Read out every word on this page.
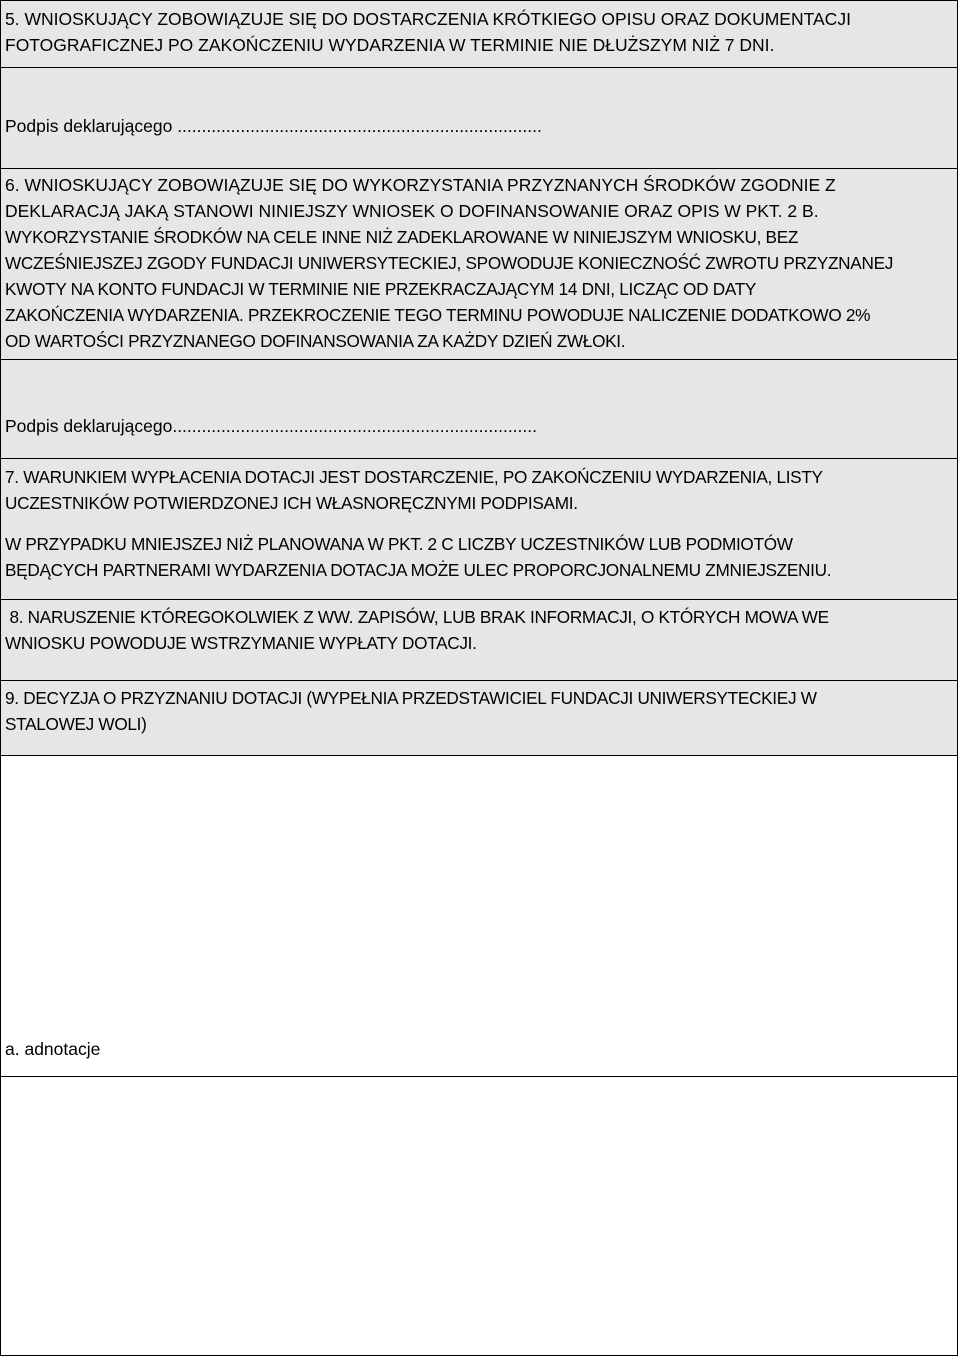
5. WNIOSKUJĄCY ZOBOWIĄZUJE SIĘ DO DOSTARCZENIA KRÓTKIEGO OPISU ORAZ DOKUMENTACJI
FOTOGRAFICZNEJ PO ZAKOŃCZENIU WYDARZENIA W TERMINIE NIE DŁUŻSZYM NIŻ 7 DNI.
Podpis deklarującego ...........................................................................
6. WNIOSKUJĄCY ZOBOWIĄZUJE SIĘ DO WYKORZYSTANIA PRZYZNANYCH ŚRODKÓW ZGODNIE Z
DEKLARACJĄ JAKĄ STANOWI NINIEJSZY WNIOSEK O DOFINANSOWANIE ORAZ OPIS W PKT. 2 B.
WYKORZYSTANIE ŚRODKÓW NA CELE INNE NIŻ ZADEKLAROWANE W NINIEJSZYM WNIOSKU, BEZ
WCZEŚNIEJSZEJ ZGODY FUNDACJI UNIWERSYTECKIEJ, SPOWODUJE KONIECZNOŚĆ ZWROTU PRZYZNANEJ
KWOTY NA KONTO FUNDACJI W TERMINIE NIE PRZEKRACZAJĄCYM 14 DNI, LICZĄC OD DATY
ZAKOŃCZENIA WYDARZENIA. PRZEKROCZENIE TEGO TERMINU POWODUJE NALICZENIE DODATKOWO 2%
OD WARTOŚCI PRZYZNANEGO DOFINANSOWANIA ZA KAŻDY DZIEŃ ZWŁOKI.
Podpis deklarującego...........................................................................
7. WARUNKIEM WYPŁACENIA DOTACJI JEST DOSTARCZENIE, PO ZAKOŃCZENIU WYDARZENIA, LISTY
UCZESTNIKÓW POTWIERDZONEJ ICH WŁASNORĘCZNYMI PODPISAMI.
W PRZYPADKU MNIEJSZEJ NIŻ PLANOWANA W PKT. 2 C LICZBY UCZESTNIKÓW LUB PODMIOTÓW
BĘDĄCYCH PARTNERAMI WYDARZENIA DOTACJA MOŻE ULEC PROPORCJONALNEMU ZMNIEJSZENIU.
8. NARUSZENIE KTÓREGOKOLWIEK Z WW. ZAPISÓW, LUB BRAK INFORMACJI, O KTÓRYCH MOWA WE
WNIOSKU POWODUJE WSTRZYMANIE WYPŁATY DOTACJI.
9. DECYZJA O PRZYZNANIU DOTACJI (WYPEŁNIA PRZEDSTAWICIEL FUNDACJI UNIWERSYTECKIEJ W
STALOWEJ WOLI)
a. adnotacje
